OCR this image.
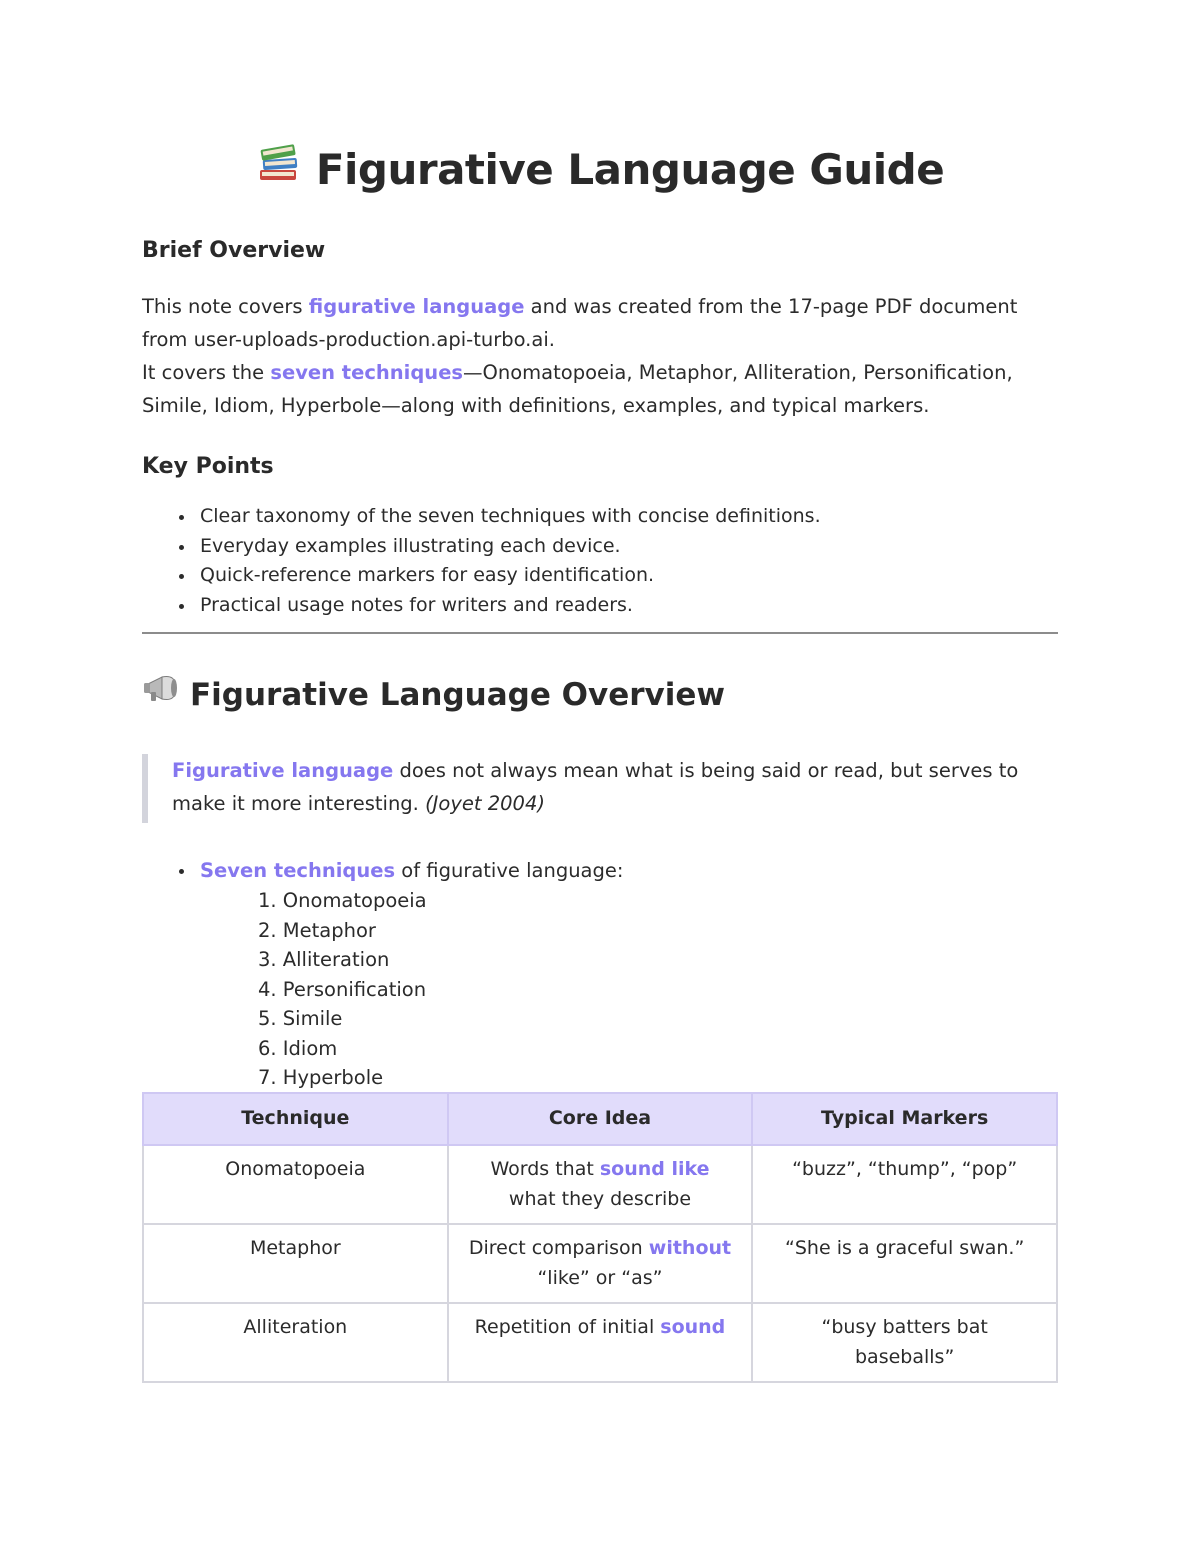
Figurative Language Guide
Brief Overview
This note covers figurative language and was created from the 17-page PDF document from user-uploads-production.api-turbo.ai.
It covers the seven techniques—Onomatopoeia, Metaphor, Alliteration, Personification, Simile, Idiom, Hyperbole—along with definitions, examples, and typical markers.
Key Points
Clear taxonomy of the seven techniques with concise definitions.
Everyday examples illustrating each device.
Quick-reference markers for easy identification.
Practical usage notes for writers and readers.
Figurative Language Overview
Figurative language does not always mean what is being said or read, but serves to make it more interesting. (Joyet 2004)
Seven techniques of figurative language:
1. Onomatopoeia
2. Metaphor
3. Alliteration
4. Personification
5. Simile
6. Idiom
7. Hyperbole
Technique	Core Idea	Typical Markers
Onomatopoeia	Words that sound like what they describe	“buzz”, “thump”, “pop”
Metaphor	Direct comparison without “like” or “as”	“She is a graceful swan.”
Alliteration	Repetition of initial sound	“busy batters bat baseballs”
